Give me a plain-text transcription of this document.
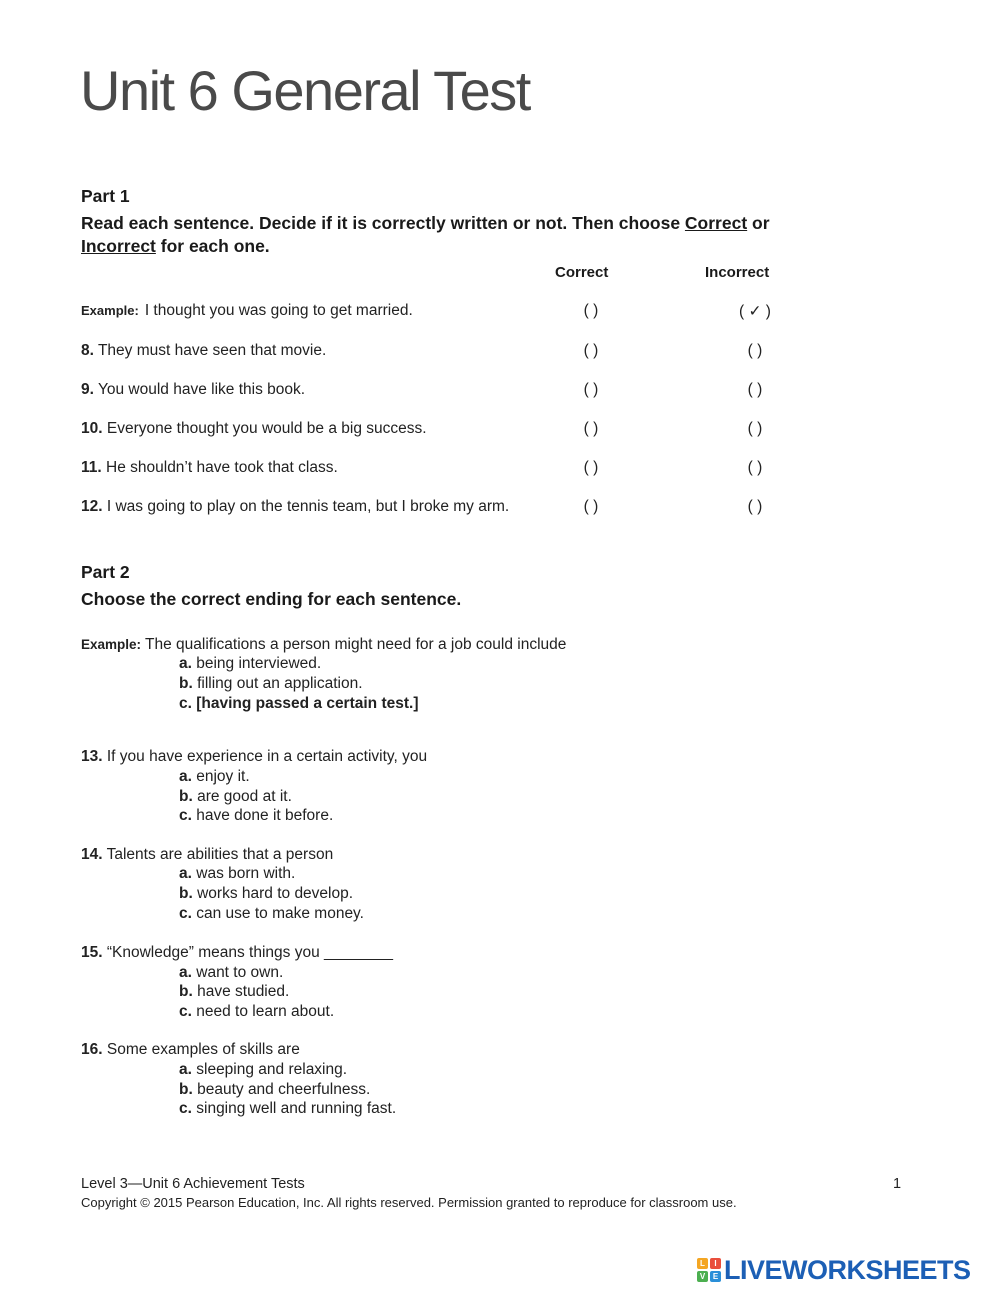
Unit 6 General Test
Part 1
Read each sentence. Decide if it is correctly written or not. Then choose Correct or
Incorrect for each one.
Correct	Incorrect
Example: I thought you was going to get married.	( )	( ✓ )
8. They must have seen that movie.	( )	( )
9. You would have like this book.	( )	( )
10. Everyone thought you would be a big success.	( )	( )
11. He shouldn’t have took that class.	( )	( )
12. I was going to play on the tennis team, but I broke my arm.	( )	( )
Part 2
Choose the correct ending for each sentence.
Example: The qualifications a person might need for a job could include
a. being interviewed.
b. filling out an application.
c. [having passed a certain test.]
13. If you have experience in a certain activity, you
a. enjoy it.
b. are good at it.
c. have done it before.
14. Talents are abilities that a person
a. was born with.
b. works hard to develop.
c. can use to make money.
15. “Knowledge” means things you ________
a. want to own.
b. have studied.
c. need to learn about.
16. Some examples of skills are
a. sleeping and relaxing.
b. beauty and cheerfulness.
c. singing well and running fast.
Level 3—Unit 6 Achievement Tests	1
Copyright © 2015 Pearson Education, Inc. All rights reserved. Permission granted to reproduce for classroom use.
L	I
V E LIVEWORKSHEETS
